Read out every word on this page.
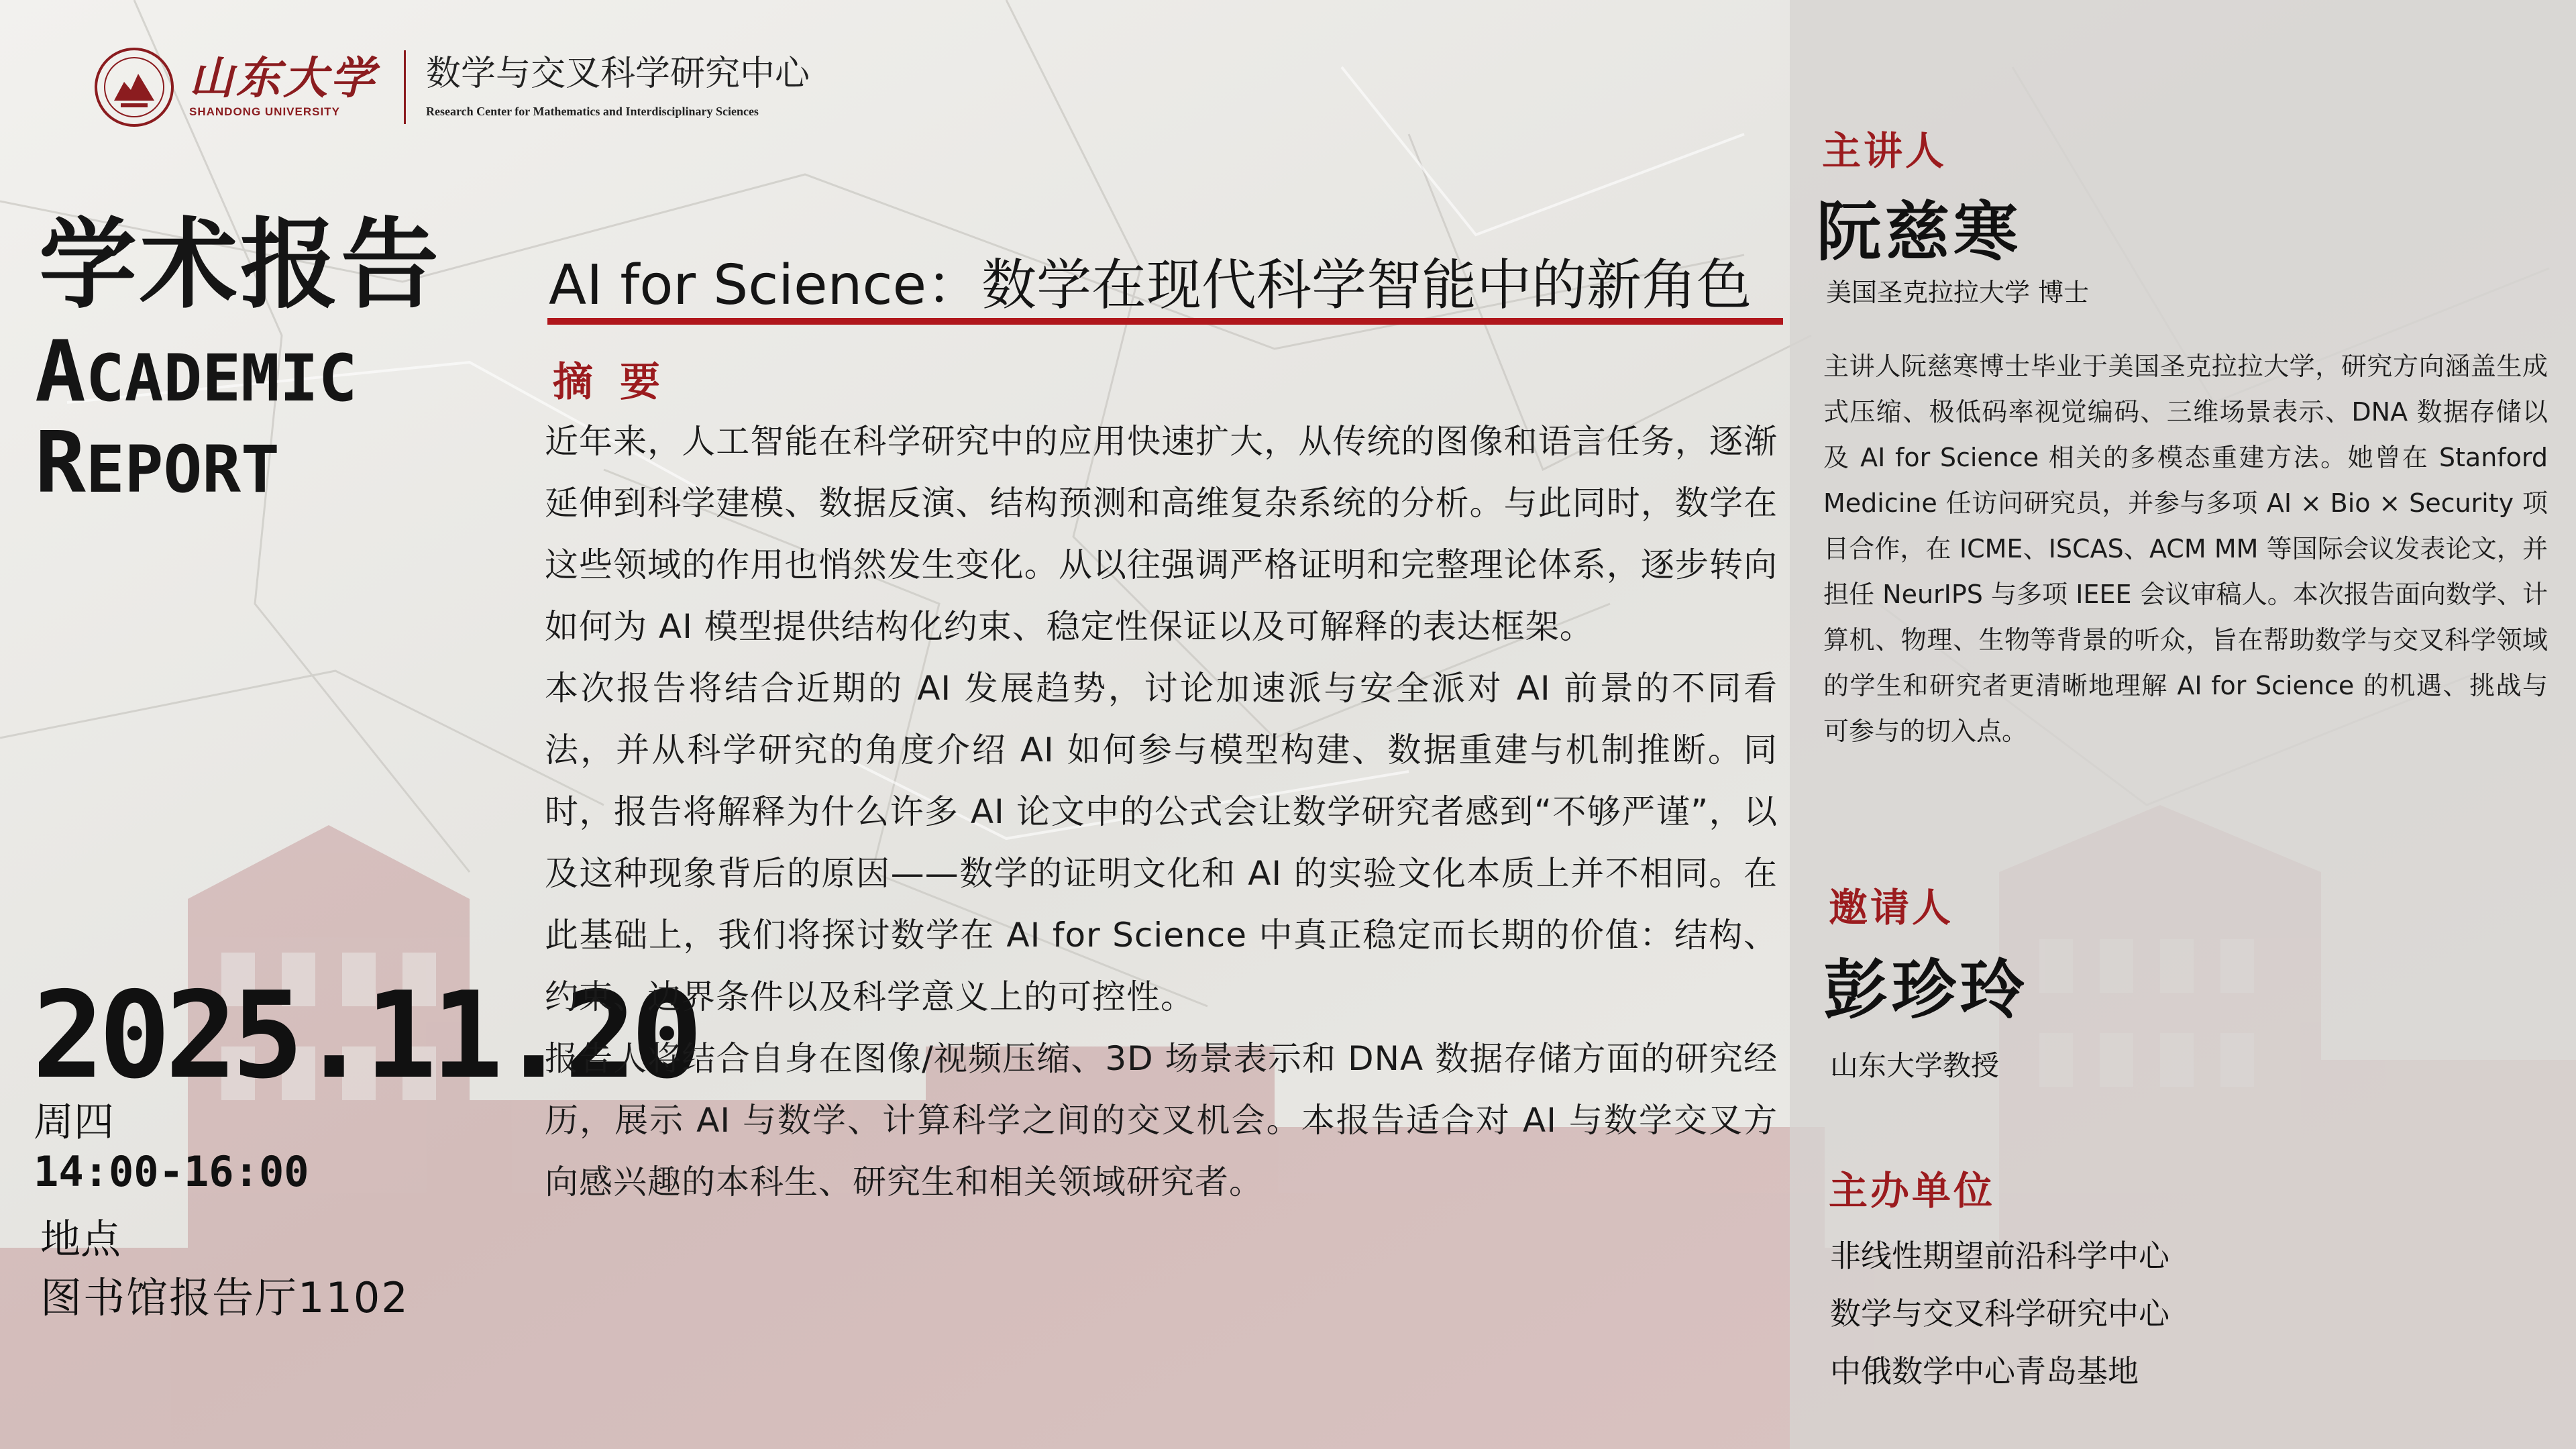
山东大学
SHANDONG UNIVERSITY
数学与交叉科学研究中心
Research Center for Mathematics and Interdisciplinary Sciences
学术报告
ACADEMIC
REPORT
2025.11.20
周四
14:00-16:00
地点
图书馆报告厅1102
AI for Science：数学在现代科学智能中的新角色
摘要

近年来，人工智能在科学研究中的应用快速扩大，从传统的图像和语言任务，逐渐延伸到科学建模、数据反演、结构预测和高维复杂系统的分析。与此同时，数学在这些领域的作用也悄然发生变化。从以往强调严格证明和完整理论体系，逐步转向如何为 AI 模型提供结构化约束、稳定性保证以及可解释的表达框架。

本次报告将结合近期的 AI 发展趋势，讨论加速派与安全派对 AI 前景的不同看法，并从科学研究的角度介绍 AI 如何参与模型构建、数据重建与机制推断。同时，报告将解释为什么许多 AI 论文中的公式会让数学研究者感到“不够严谨”，以及这种现象背后的原因——数学的证明文化和 AI 的实验文化本质上并不相同。在此基础上，我们将探讨数学在 AI for Science 中真正稳定而长期的价值：结构、约束、边界条件以及科学意义上的可控性。

报告人将结合自身在图像/视频压缩、3D 场景表示和 DNA 数据存储方面的研究经历，展示 AI 与数学、计算科学之间的交叉机会。本报告适合对 AI 与数学交叉方向感兴趣的本科生、研究生和相关领域研究者。

主讲人
阮慈寒
美国圣克拉拉大学 博士
主讲人阮慈寒博士毕业于美国圣克拉拉大学，研究方向涵盖生成式压缩、极低码率视觉编码、三维场景表示、DNA 数据存储以及 AI for Science 相关的多模态重建方法。她曾在 Stanford Medicine 任访问研究员，并参与多项 AI × Bio × Security 项目合作，在 ICME、ISCAS、ACM MM 等国际会议发表论文，并担任 NeurIPS 与多项 IEEE 会议审稿人。本次报告面向数学、计算机、物理、生物等背景的听众，旨在帮助数学与交叉科学领域的学生和研究者更清晰地理解 AI for Science 的机遇、挑战与可参与的切入点。
邀请人
彭珍玲
山东大学教授
主办单位
非线性期望前沿科学中心
数学与交叉科学研究中心
中俄数学中心青岛基地
